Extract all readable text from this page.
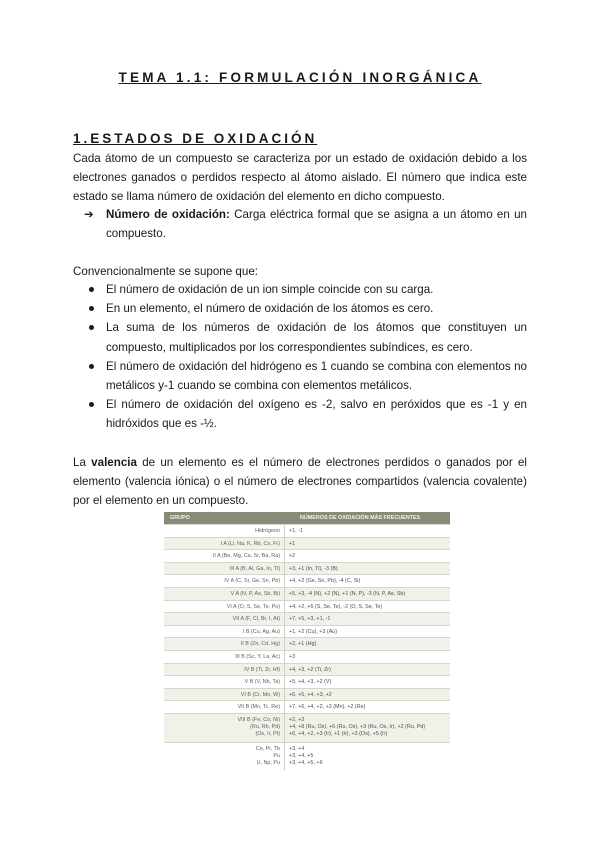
TEMA 1.1: FORMULACIÓN INORGÁNICA
1.ESTADOS DE OXIDACIÓN

Cada átomo de un compuesto se caracteriza por un estado de oxidación debido a los electrones ganados o perdidos respecto al átomo aislado. El número que indica este estado se llama número de oxidación del elemento en dicho compuesto.

➔ Número de oxidación: Carga eléctrica formal que se asigna a un átomo en un compuesto.

Convencionalmente se supone que:

El número de oxidación de un ion simple coincide con su carga.
En un elemento, el número de oxidación de los átomos es cero.
La suma de los números de oxidación de los átomos que constituyen un compuesto, multiplicados por los correspondientes subíndices, es cero.
El número de oxidación del hidrógeno es 1 cuando se combina con elementos no metálicos y-1 cuando se combina con elementos metálicos.
El número de oxidación del oxígeno es -2, salvo en peróxidos que es -1 y en hidróxidos que es -½.

La valencia de un elemento es el número de electrones perdidos o ganados por el elemento (valencia iónica) o el número de electrones compartidos (valencia covalente) por el elemento en un compuesto.

GRUPO	NÚMEROS DE OXIDACIÓN MÁS FRECUENTES
Hidrógeno +1, -1
I A (Li, Na, K, Rb, Cs, Fr) +1
II A (Be, Mg, Ca, Sr, Ba, Ra) +2
III A (B, Al, Ga, In, Tl) +3, +1 (In, Tl), -3 (B)
IV A (C, Si, Ge, Sn, Pb) +4, +2 (Ge, Sn, Pb), -4 (C, Si)
V A (N, P, As, Sb, Bi) +5, +3, -4 (N), +2 (N), +1 (N, P), -3 (N, P, As, Sb)
VI A (O, S, Se, Te, Po) +4, +2, +6 (S, Se, Te), -2 (O, S, Se, Te)
VII A (F, Cl, Br, I, At) +7, +5, +3, +1, -1
I B (Cu, Ag, Au) +1, +2 (Cu), +3 (Au)
II B (Zn, Cd, Hg) +2, +1 (Hg)
III B (Sc, Y, La, Ac) +3
IV B (Ti, Zr, Hf) +4, +3, +2 (Ti, Zr)
V B (V, Nb, Ta) +5, +4, +3, +2 (V)
VI B (Cr, Mo, W) +6, +5, +4, +3, +2
VII B (Mn, Tc, Re) +7, +6, +4, +2, +3 (Mn), +2 (Re)
VIII B (Fe, Co, Ni)
(Ru, Rh, Pd)
(Os, Ir, Pt)
+2, +3
+4, +8 (Ru, Os), +6 (Ru, Os), +3 (Ru, Os, Ir), +2 (Ru, Pd)
+6, +4, +2, +3 (Ir), +1 (Ir), +3 (Os), +5 (Ir)
Ce, Pr, Tb
Pu
U, Np, Pu
+3, +4
+3, +4, +5
+3, +4, +5, +6
